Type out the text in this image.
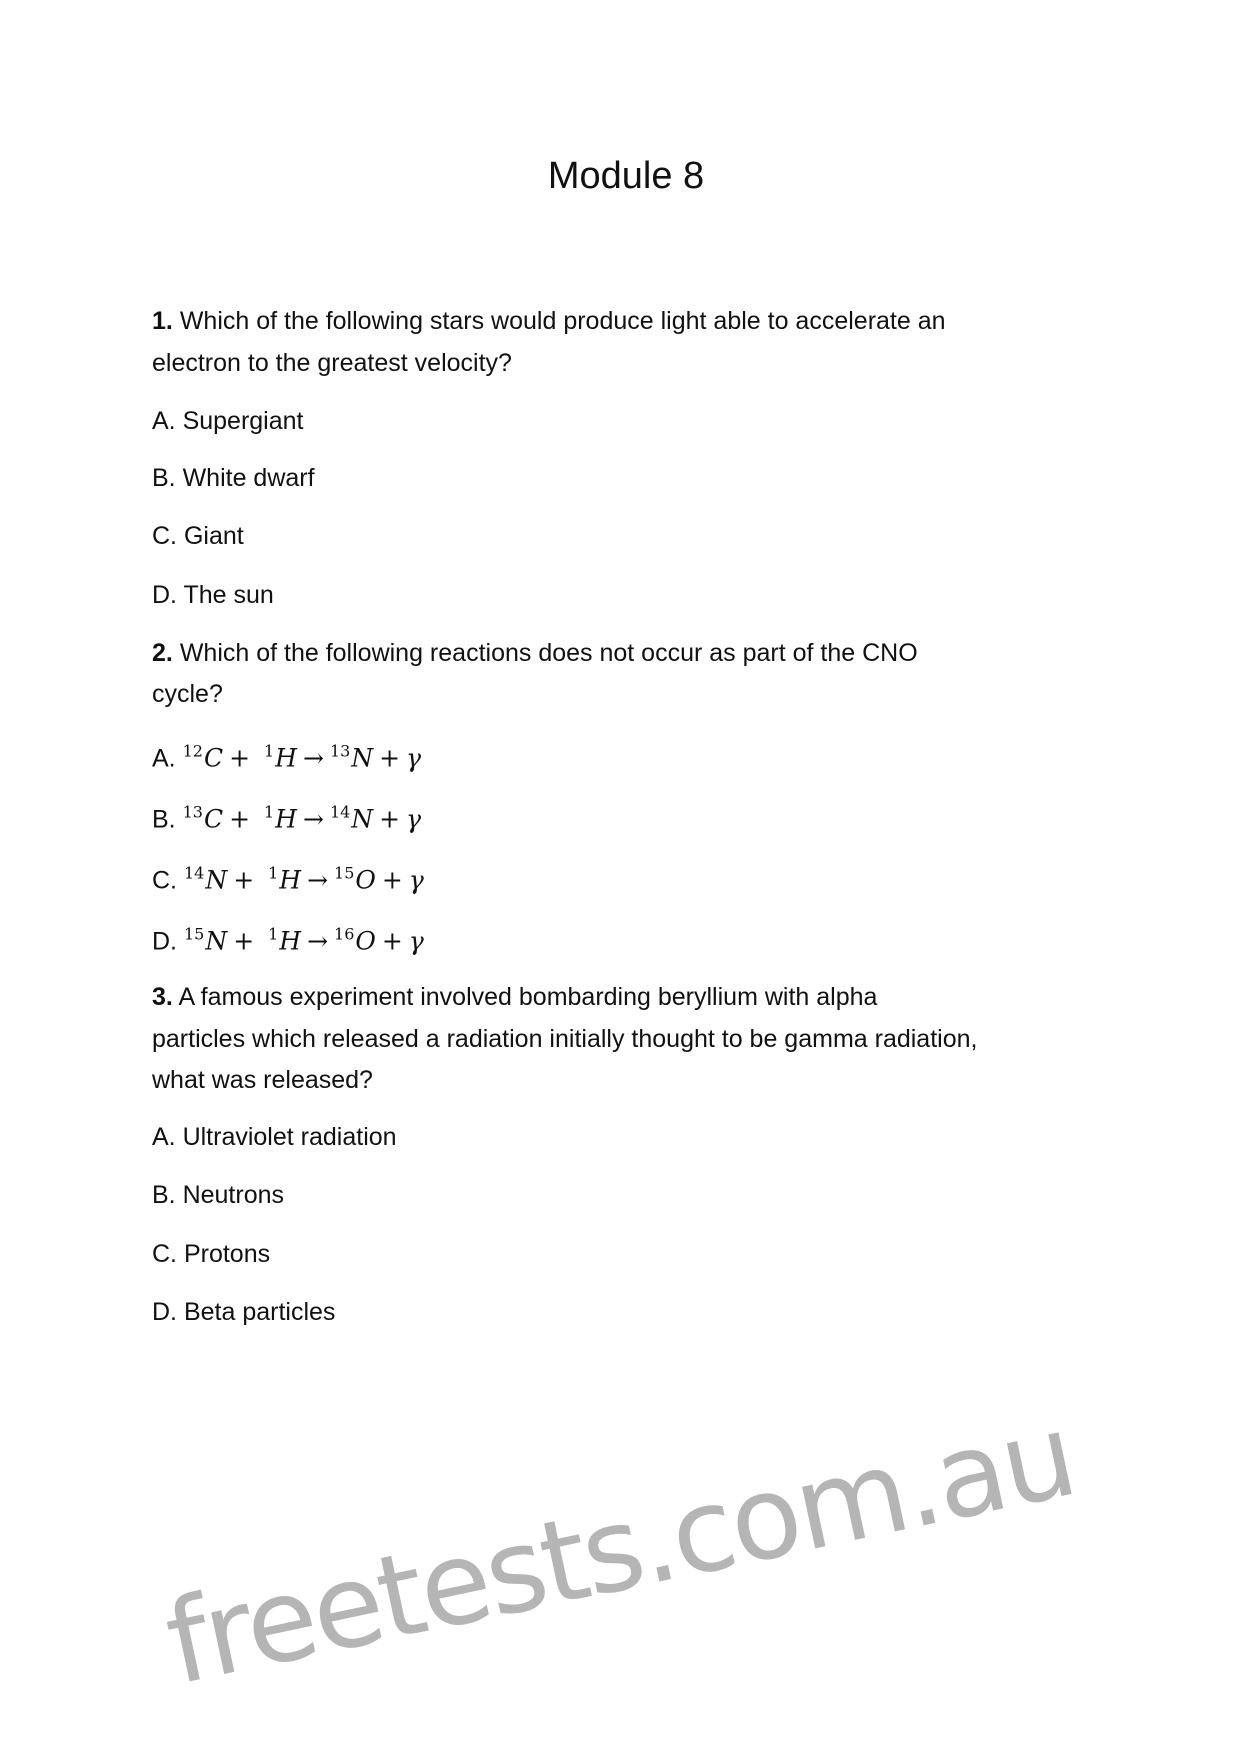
Module 8
1. Which of the following stars would produce light able to accelerate an
electron to the greatest velocity?
A. Supergiant
B. White dwarf
C. Giant
D. The sun
2. Which of the following reactions does not occur as part of the CNO
cycle?
A. $^{12}$C + $^1$H → $^{13}$N + γ
B. $^{13}$C + $^1$H → $^{14}$N + γ
C. $^{14}$N + $^1$H → $^{15}$O + γ
D. $^{15}$N + $^1$H → $^{16}$O + γ
3. A famous experiment involved bombarding beryllium with alpha
particles which released a radiation initially thought to be gamma radiation,
what was released?
A. Ultraviolet radiation
B. Neutrons
C. Protons
D. Beta particles
freetests.com.au
